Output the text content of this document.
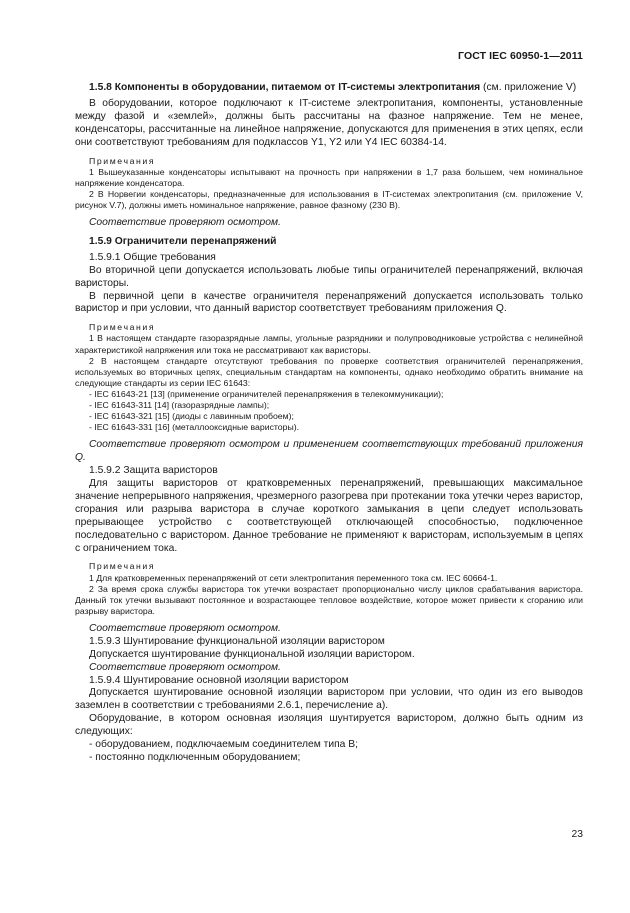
ГОСТ IEC 60950-1—2011

1.5.8 Компоненты в оборудовании, питаемом от IT-системы электропитания (см. приложение V)

В оборудовании, которое подключают к IT-системе электропитания, компоненты, установленные между фазой и «землей», должны быть рассчитаны на фазное напряжение. Тем не менее, конденсаторы, рассчитанные на линейное напряжение, допускаются для применения в этих цепях, если они соответствуют требованиям для подклассов Y1, Y2 или Y4 IEC 60384-14.

Примечания

1 Вышеуказанные конденсаторы испытывают на прочность при напряжении в 1,7 раза большем, чем номинальное напряжение конденсатора.

2 В Норвегии конденсаторы, предназначенные для использования в IT-системах электропитания (см. приложение V, рисунок V.7), должны иметь номинальное напряжение, равное фазному (230 В).

Соответствие проверяют осмотром.

1.5.9 Ограничители перенапряжений

1.5.9.1 Общие требования

Во вторичной цепи допускается использовать любые типы ограничителей перенапряжений, включая варисторы.

В первичной цепи в качестве ограничителя перенапряжений допускается использовать только варистор и при условии, что данный варистор соответствует требованиям приложения Q.

Примечания

1 В настоящем стандарте газоразрядные лампы, угольные разрядники и полупроводниковые устройства с нелинейной характеристикой напряжения или тока не рассматривают как варисторы.

2 В настоящем стандарте отсутствуют требования по проверке соответствия ограничителей перенапряжения, используемых во вторичных цепях, специальным стандартам на компоненты, однако необходимо обратить внимание на следующие стандарты из серии IEC 61643:

- IEC 61643-21 [13] (применение ограничителей перенапряжения в телекоммуникации);

- IEC 61643-311 [14] (газоразрядные лампы);

- IEC 61643-321 [15] (диоды с лавинным пробоем);

- IEC 61643-331 [16] (металлооксидные варисторы).

Соответствие проверяют осмотром и применением соответствующих требований приложения Q.

1.5.9.2 Защита варисторов

Для защиты варисторов от кратковременных перенапряжений, превышающих максимальное значение непрерывного напряжения, чрезмерного разогрева при протекании тока утечки через варистор, сгорания или разрыва варистора в случае короткого замыкания в цепи следует использовать прерывающее устройство с соответствующей отключающей способностью, подключенное последовательно с варистором. Данное требование не применяют к варисторам, используемым в цепях с ограничением тока.

Примечания

1 Для кратковременных перенапряжений от сети электропитания переменного тока см. IEC 60664-1.

2 За время срока службы варистора ток утечки возрастает пропорционально числу циклов срабатывания варистора. Данный ток утечки вызывают постоянное и возрастающее тепловое воздействие, которое может привести к сгоранию или разрыву варистора.

Соответствие проверяют осмотром.

1.5.9.3 Шунтирование функциональной изоляции варистором

Допускается шунтирование функциональной изоляции варистором.

Соответствие проверяют осмотром.

1.5.9.4 Шунтирование основной изоляции варистором

Допускается шунтирование основной изоляции варистором при условии, что один из его выводов заземлен в соответствии с требованиями 2.6.1, перечисление а).

Оборудование, в котором основная изоляция шунтируется варистором, должно быть одним из следующих:

- оборудованием, подключаемым соединителем типа В;

- постоянно подключенным оборудованием;

23
